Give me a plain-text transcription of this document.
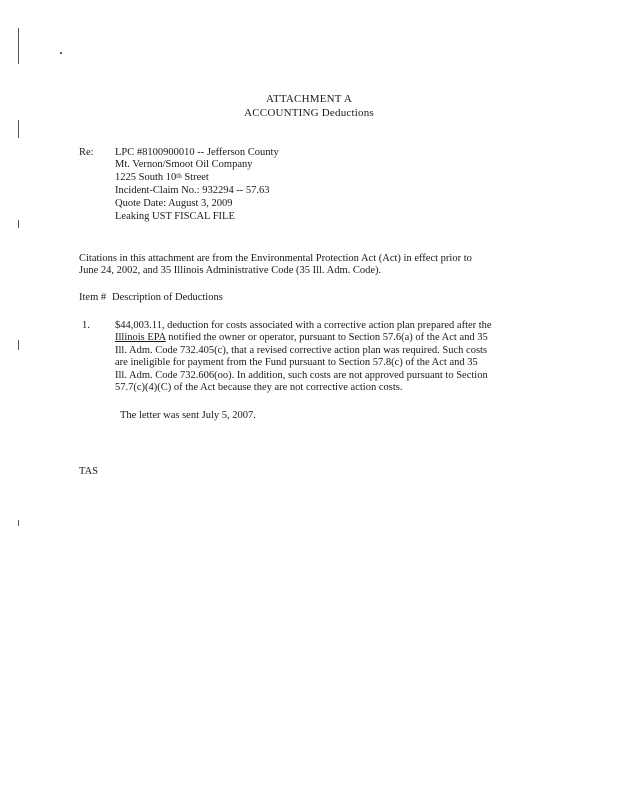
ATTACHMENT A
ACCOUNTING Deductions
Re: LPC #8100900010 -- Jefferson County
Mt. Vernon/Smoot Oil Company
1225 South 10th Street
Incident-Claim No.: 932294 -- 57.63
Quote Date: August 3, 2009
Leaking UST FISCAL FILE
Citations in this attachment are from the Environmental Protection Act (Act) in effect prior to
June 24, 2002, and 35 Illinois Administrative Code (35 Ill. Adm. Code).
Item # Description of Deductions
1. $44,003.11, deduction for costs associated with a corrective action plan prepared after the
Illinois EPA notified the owner or operator, pursuant to Section 57.6(a) of the Act and 35
Ill. Adm. Code 732.405(c), that a revised corrective action plan was required. Such costs
are ineligible for payment from the Fund pursuant to Section 57.8(c) of the Act and 35
Ill. Adm. Code 732.606(oo). In addition, such costs are not approved pursuant to Section
57.7(c)(4)(C) of the Act because they are not corrective action costs.
The letter was sent July 5, 2007.
TAS
